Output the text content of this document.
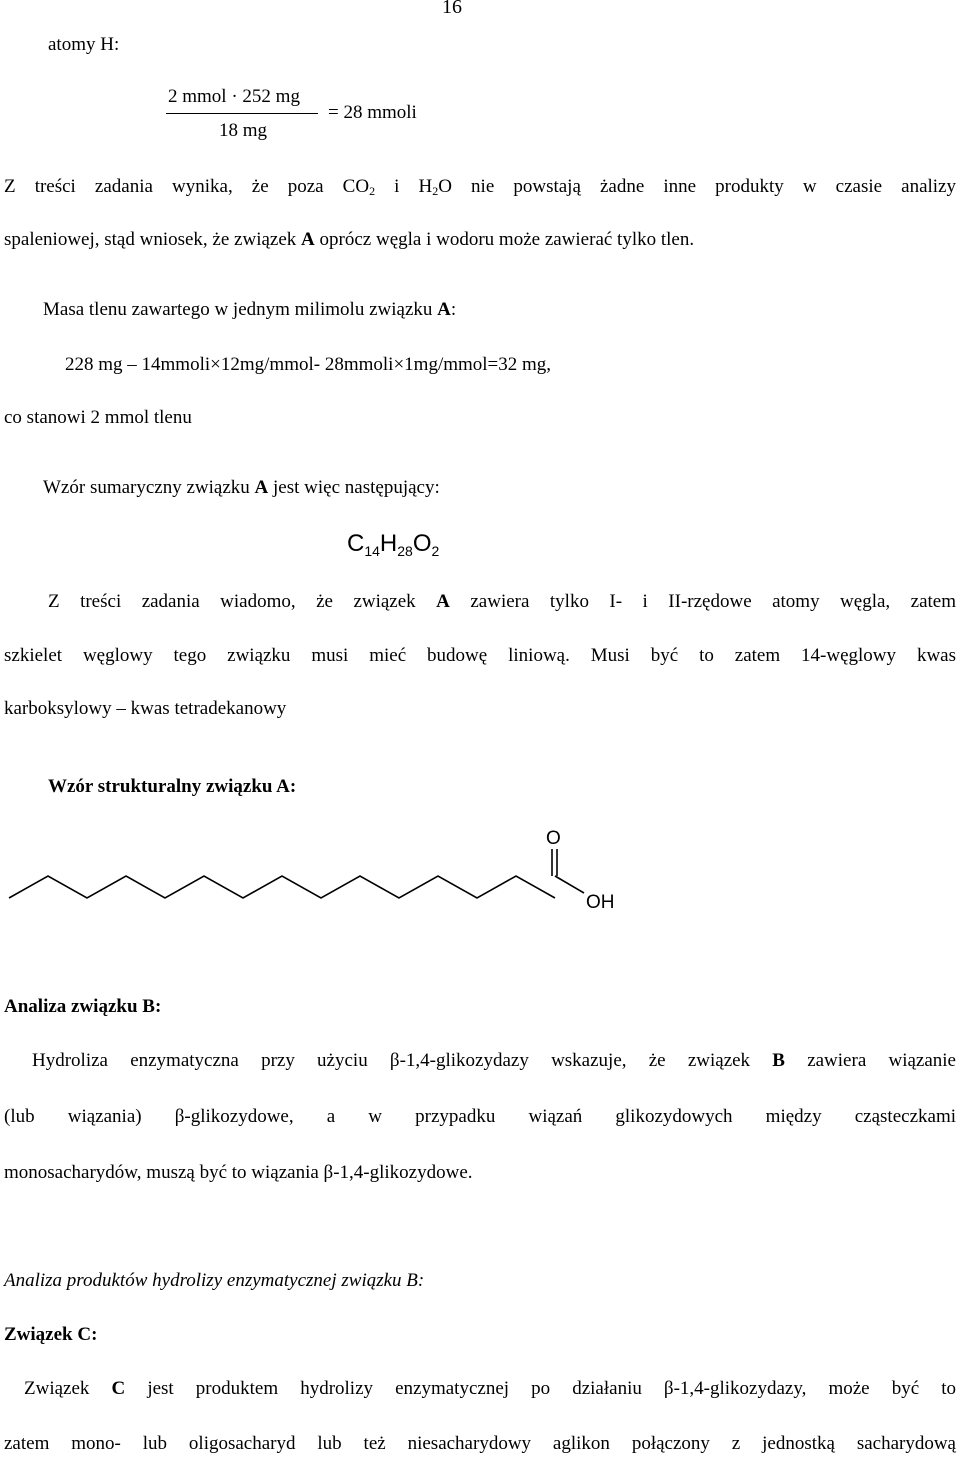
16
atomy H:
2 mmol · 252 mg
18 mg
= 28 mmoli
Z treści zadania wynika, że poza $CO_2$ i $H_2O$ nie powstają żadne inne produkty w czasie analizy
spaleniowej, stąd wniosek, że związek A oprócz węgla i wodoru może zawierać tylko tlen.
Masa tlenu zawartego w jednym milimolu związku A:
228 mg – 14mmoli×12mg/mmol- 28mmoli×1mg/mmol=32 mg,
co stanowi 2 mmol tlenu
Wzór sumaryczny związku A jest więc następujący:
$C_{14}H_{28}O_2$
Z treści zadania wiadomo, że związek A zawiera tylko I- i II-rzędowe atomy węgla, zatem
szkielet węglowy tego związku musi mieć budowę liniową. Musi być to zatem 14-węglowy kwas
karboksylowy – kwas tetradekanowy
Wzór strukturalny związku A:
O
OH
Analiza związku B:
Hydroliza enzymatyczna przy użyciu β-1,4-glikozydazy wskazuje, że związek B zawiera wiązanie
(lub wiązania) β-glikozydowe, a w przypadku wiązań glikozydowych między cząsteczkami
monosacharydów, muszą być to wiązania β-1,4-glikozydowe.
Analiza produktów hydrolizy enzymatycznej związku B:
Związek C:
Związek C jest produktem hydrolizy enzymatycznej po działaniu β-1,4-glikozydazy, może być to
zatem mono- lub oligosacharyd lub też niesacharydowy aglikon połączony z jednostką sacharydową
